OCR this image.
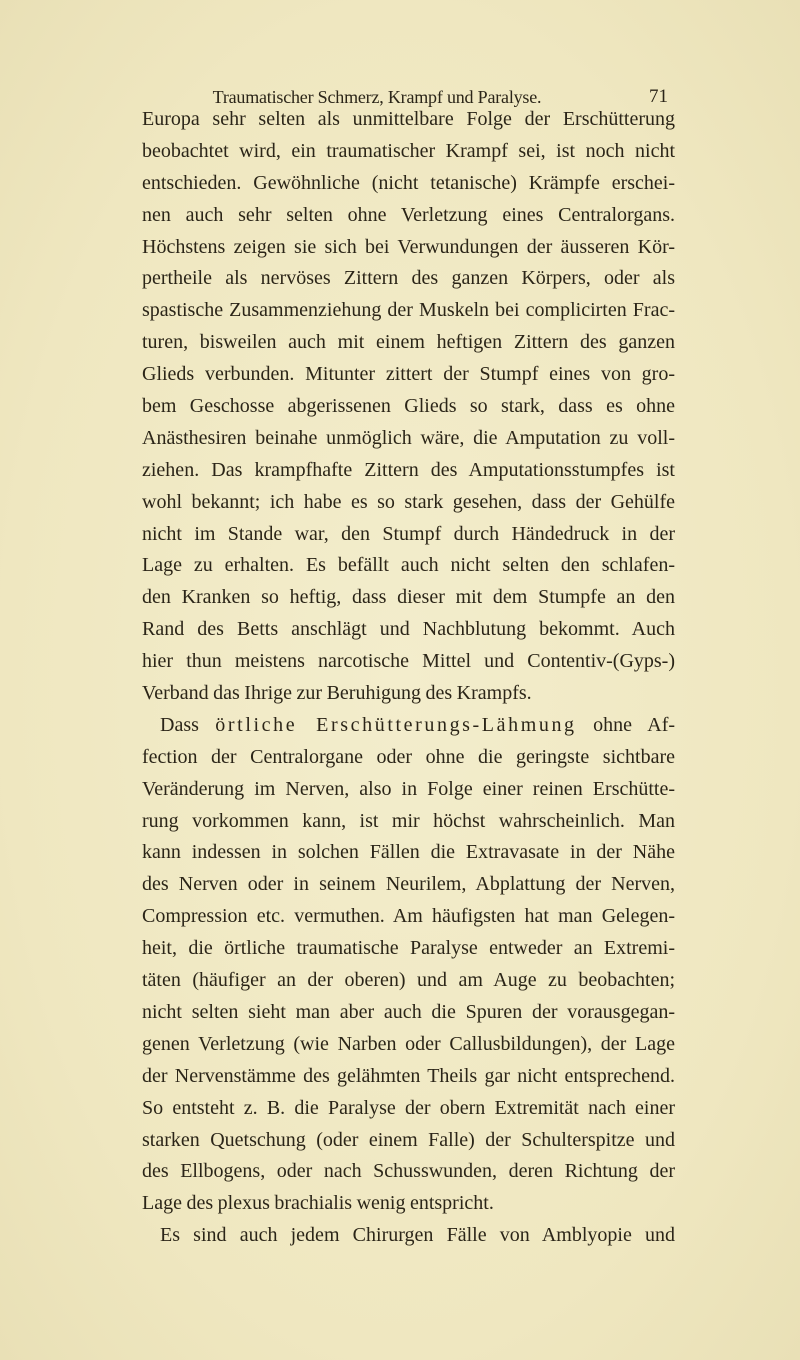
Traumatischer Schmerz, Krampf und Paralyse.	71
Europa sehr selten als unmittelbare Folge der Erschütterung
beobachtet wird, ein traumatischer Krampf sei, ist noch nicht
entschieden. Gewöhnliche (nicht tetanische) Krämpfe erschei-
nen auch sehr selten ohne Verletzung eines Centralorgans.
Höchstens zeigen sie sich bei Verwundungen der äusseren Kör-
pertheile als nervöses Zittern des ganzen Körpers, oder als
spastische Zusammenziehung der Muskeln bei complicirten Frac-
turen, bisweilen auch mit einem heftigen Zittern des ganzen
Glieds verbunden. Mitunter zittert der Stumpf eines von gro-
bem Geschosse abgerissenen Glieds so stark, dass es ohne
Anästhesiren beinahe unmöglich wäre, die Amputation zu voll-
ziehen. Das krampfhafte Zittern des Amputationsstumpfes ist
wohl bekannt; ich habe es so stark gesehen, dass der Gehülfe
nicht im Stande war, den Stumpf durch Händedruck in der
Lage zu erhalten. Es befällt auch nicht selten den schlafen-
den Kranken so heftig, dass dieser mit dem Stumpfe an den
Rand des Betts anschlägt und Nachblutung bekommt. Auch
hier thun meistens narcotische Mittel und Contentiv-(Gyps-)
Verband das Ihrige zur Beruhigung des Krampfs.
Dass örtliche Erschütterungs-Lähmung ohne Af-
fection der Centralorgane oder ohne die geringste sichtbare
Veränderung im Nerven, also in Folge einer reinen Erschütte-
rung vorkommen kann, ist mir höchst wahrscheinlich. Man
kann indessen in solchen Fällen die Extravasate in der Nähe
des Nerven oder in seinem Neurilem, Abplattung der Nerven,
Compression etc. vermuthen. Am häufigsten hat man Gelegen-
heit, die örtliche traumatische Paralyse entweder an Extremi-
täten (häufiger an der oberen) und am Auge zu beobachten;
nicht selten sieht man aber auch die Spuren der vorausgegan-
genen Verletzung (wie Narben oder Callusbildungen), der Lage
der Nervenstämme des gelähmten Theils gar nicht entsprechend.
So entsteht z. B. die Paralyse der obern Extremität nach einer
starken Quetschung (oder einem Falle) der Schulterspitze und
des Ellbogens, oder nach Schusswunden, deren Richtung der
Lage des plexus brachialis wenig entspricht.
Es sind auch jedem Chirurgen Fälle von Amblyopie und
